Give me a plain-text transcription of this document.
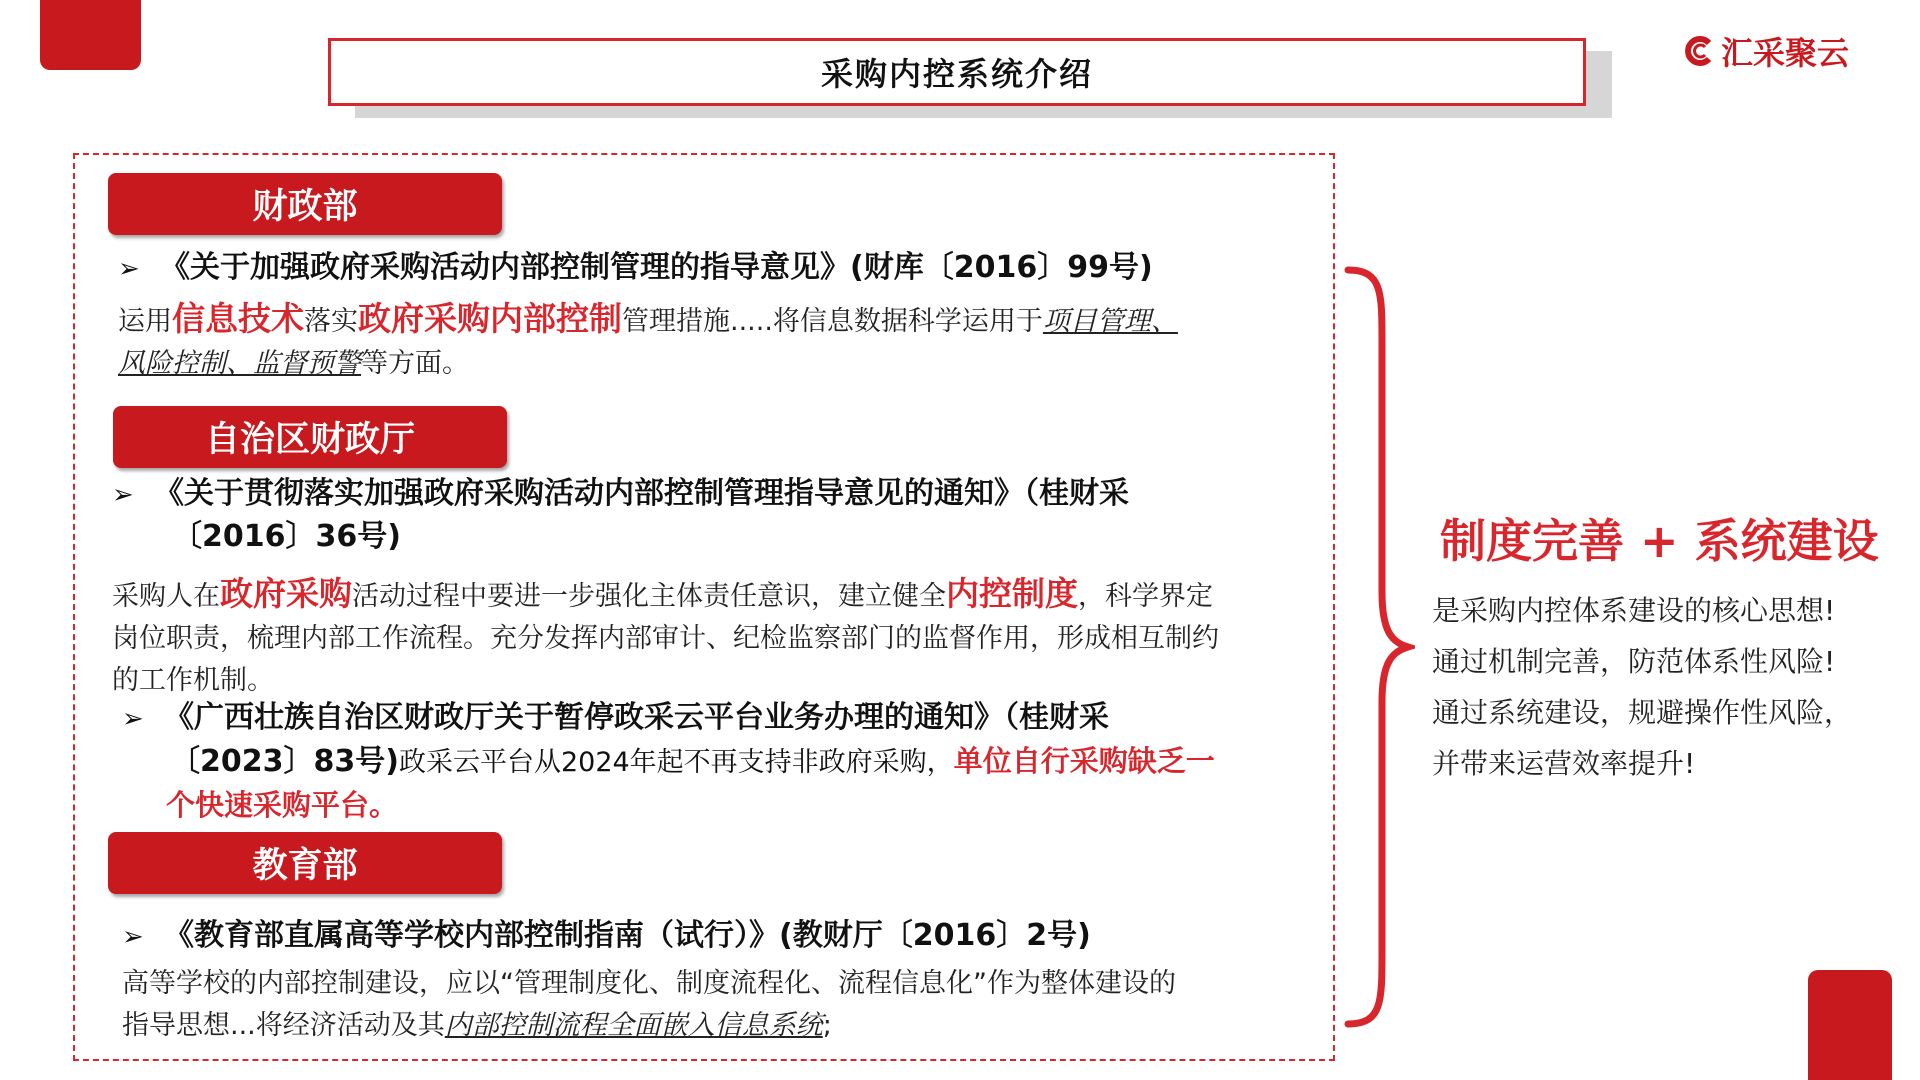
采购内控系统介绍
汇采聚云
财政部
➢ 《关于加强政府采购活动内部控制管理的指导意见》(财库〔2016〕99号)
运用信息技术落实政府采购内部控制管理措施.....将信息数据科学运用于项目管理、
风险控制、监督预警等方面。
自治区财政厅
➢ 《关于贯彻落实加强政府采购活动内部控制管理指导意见的通知》（桂财采
〔2016〕36号)
采购人在政府采购活动过程中要进一步强化主体责任意识，建立健全内控制度，科学界定
岗位职责，梳理内部工作流程。充分发挥内部审计、纪检监察部门的监督作用，形成相互制约
的工作机制。
➢ 《广西壮族自治区财政厅关于暂停政采云平台业务办理的通知》（桂财采
〔2023〕83号)政采云平台从2024年起不再支持非政府采购，单位自行采购缺乏一
个快速采购平台。
教育部
➢ 《教育部直属高等学校内部控制指南（试行）》(教财厅〔2016〕2号)
高等学校的内部控制建设，应以“管理制度化、制度流程化、流程信息化”作为整体建设的
指导思想...将经济活动及其内部控制流程全面嵌入信息系统;
制度完善 + 系统建设
是采购内控体系建设的核心思想!
通过机制完善，防范体系性风险!
通过系统建设，规避操作性风险，
并带来运营效率提升!
